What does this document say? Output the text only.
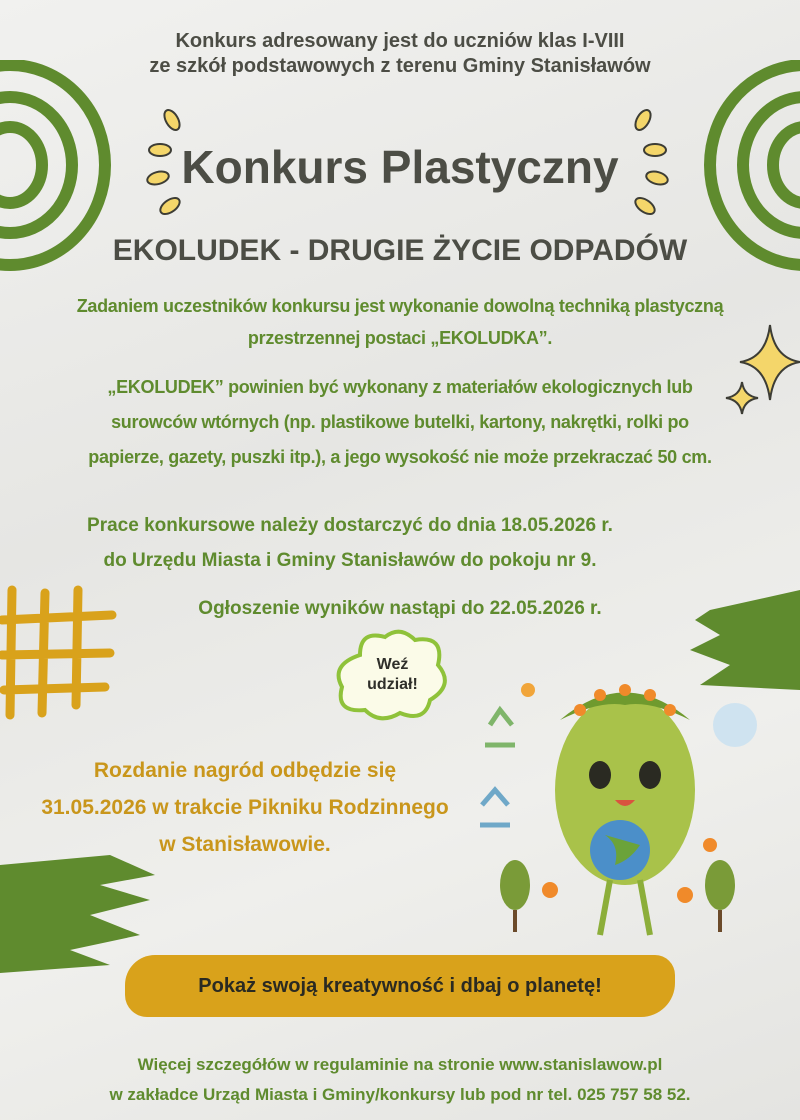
Konkurs adresowany jest do uczniów klas I-VIII

ze szkół podstawowych z terenu Gminy Stanisławów

Konkurs Plastyczny
EKOLUDEK - DRUGIE ŻYCIE ODPADÓW
Zadaniem uczestników konkursu jest wykonanie dowolną techniką plastyczną
przestrzennej postaci „EKOLUDKA”.
„EKOLUDEK” powinien być wykonany z materiałów ekologicznych lub
surowców wtórnych (np. plastikowe butelki, kartony, nakrętki, rolki po
papierze, gazety, puszki itp.), a jego wysokość nie może przekraczać 50 cm.
Prace konkursowe należy dostarczyć do dnia 18.05.2026 r.
do Urzędu Miasta i Gminy Stanisławów do pokoju nr 9.
Ogłoszenie wyników nastąpi do 22.05.2026 r.
Weź
udział!
Rozdanie nagród odbędzie się
31.05.2026 w trakcie Pikniku Rodzinnego
w Stanisławowie.
Pokaż swoją kreatywność i dbaj o planetę!
Więcej szczegółów w regulaminie na stronie www.stanislawow.pl
w zakładce Urząd Miasta i Gminy/konkursy lub pod nr tel. 025 757 58 52.
